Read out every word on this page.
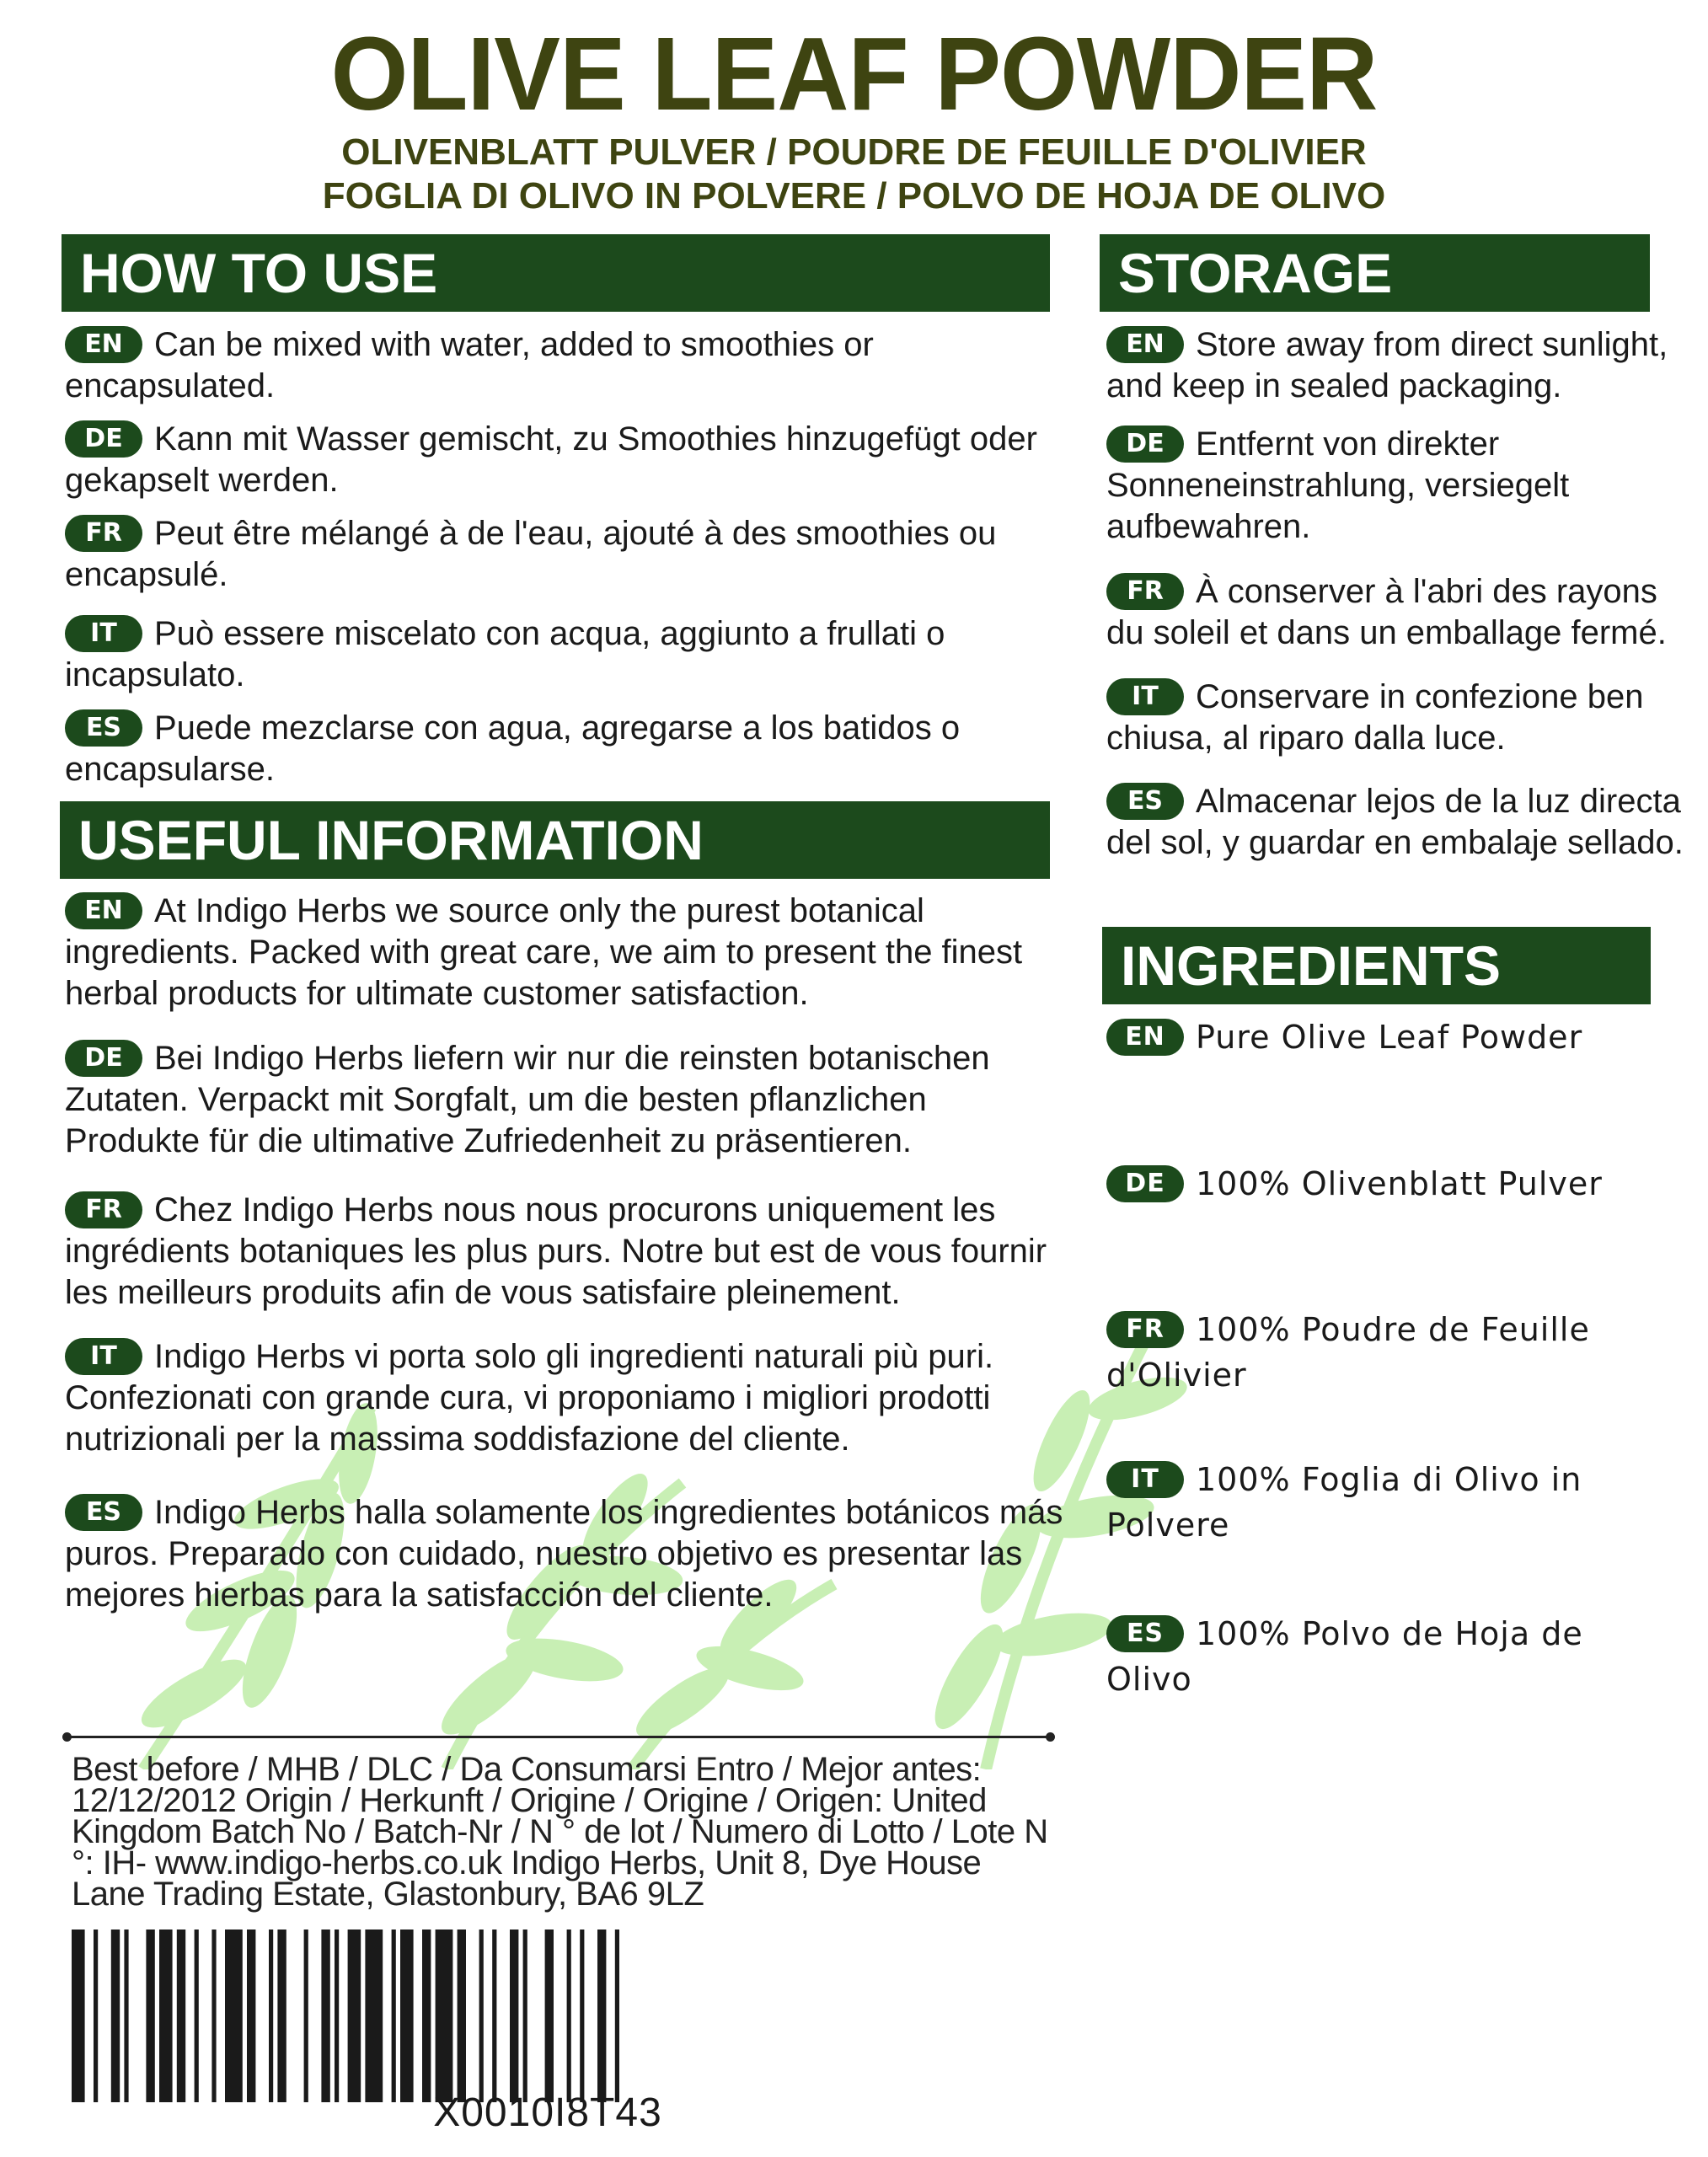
OLIVE LEAF POWDER
OLIVENBLATT PULVER / POUDRE DE FEUILLE D'OLIVIER
FOGLIA DI OLIVO IN POLVERE / POLVO DE HOJA DE OLIVO
HOW TO USE
EN Can be mixed with water, added to smoothies or encapsulated.
DE Kann mit Wasser gemischt, zu Smoothies hinzugefügt oder gekapselt werden.
FR Peut être mélangé à de l'eau, ajouté à des smoothies ou encapsulé.
IT Può essere miscelato con acqua, aggiunto a frullati o incapsulato.
ES Puede mezclarse con agua, agregarse a los batidos o encapsularse.
USEFUL INFORMATION
EN At Indigo Herbs we source only the purest botanical ingredients. Packed with great care, we aim to present the finest herbal products for ultimate customer satisfaction.
DE Bei Indigo Herbs liefern wir nur die reinsten botanischen Zutaten. Verpackt mit Sorgfalt, um die besten pflanzlichen Produkte für die ultimative Zufriedenheit zu präsentieren.
FR Chez Indigo Herbs nous nous procurons uniquement les ingrédients botaniques les plus purs. Notre but est de vous fournir les meilleurs produits afin de vous satisfaire pleinement.
IT Indigo Herbs vi porta solo gli ingredienti naturali più puri. Confezionati con grande cura, vi proponiamo i migliori prodotti nutrizionali per la massima soddisfazione del cliente.
ES Indigo Herbs halla solamente los ingredientes botánicos más puros. Preparado con cuidado, nuestro objetivo es presentar las mejores hierbas para la satisfacción del cliente.
STORAGE
EN Store away from direct sunlight, and keep in sealed packaging.
DE Entfernt von direkter Sonneneinstrahlung, versiegelt aufbewahren.
FR À conserver à l'abri des rayons du soleil et dans un emballage fermé.
IT Conservare in confezione ben chiusa, al riparo dalla luce.
ES Almacenar lejos de la luz directa del sol, y guardar en embalaje sellado.
INGREDIENTS
EN Pure Olive Leaf Powder
DE 100% Olivenblatt Pulver
FR 100% Poudre de Feuille d'Olivier
IT 100% Foglia di Olivo in Polvere
ES 100% Polvo de Hoja de Olivo
Best before / MHB / DLC / Da Consumarsi Entro / Mejor antes: 12/12/2012 Origin / Herkunft / Origine / Origine / Origen: United Kingdom Batch No / Batch-Nr / N ° de lot / Numero di Lotto / Lote N °: IH- www.indigo-herbs.co.uk Indigo Herbs, Unit 8, Dye House Lane Trading Estate, Glastonbury, BA6 9LZ
X0010I8T43
